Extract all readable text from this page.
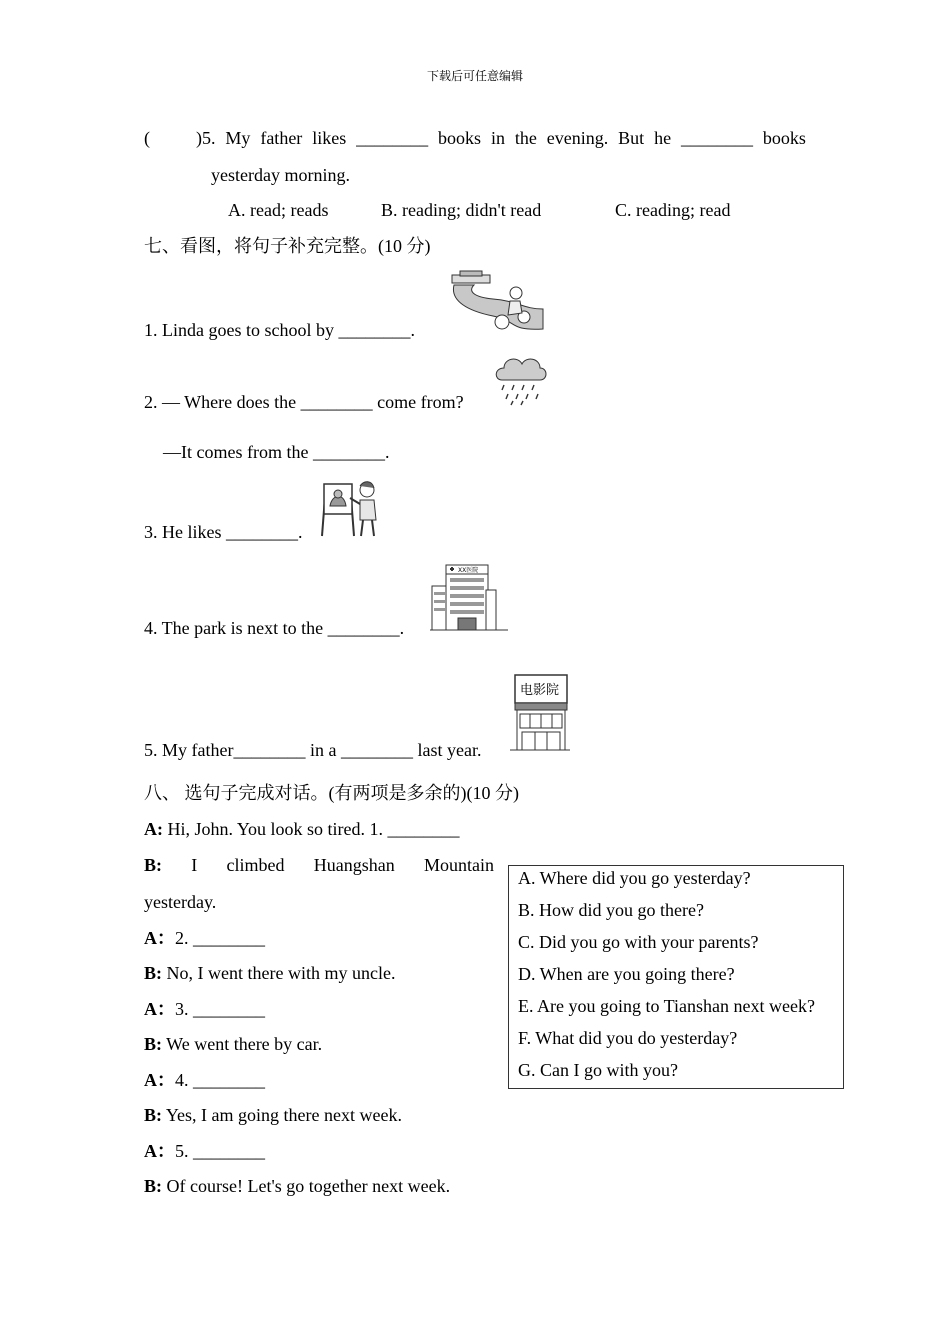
下载后可任意编辑
(	)5. My father likes ________ books in the evening. But he ________ books
yesterday morning.
A. read; reads	B. reading; didn't read	C. reading; read
七、看图，将句子补充完整。(10 分)
1. Linda goes to school by ________.
2. — Where does the ________ come from?
—It comes from the ________.
3. He likes ________.
4. The park is next to the ________.
XX医院
5. My father________ in a ________ last year.
电影院
八、 选句子完成对话。(有两项是多余的)(10 分)
A: Hi, John. You look so tired. 1. ________
B: I climbed Huangshan Mountain
yesterday.
A：2. ________
B: No, I went there with my uncle.
A：3. ________
B: We went there by car.
A：4. ________
B: Yes, I am going there next week.
A：5. ________
B: Of course! Let's go together next week.
A. Where did you go yesterday?
B. How did you go there?
C. Did you go with your parents?
D. When are you going there?
E. Are you going to Tianshan next week?
F. What did you do yesterday?
G. Can I go with you?
